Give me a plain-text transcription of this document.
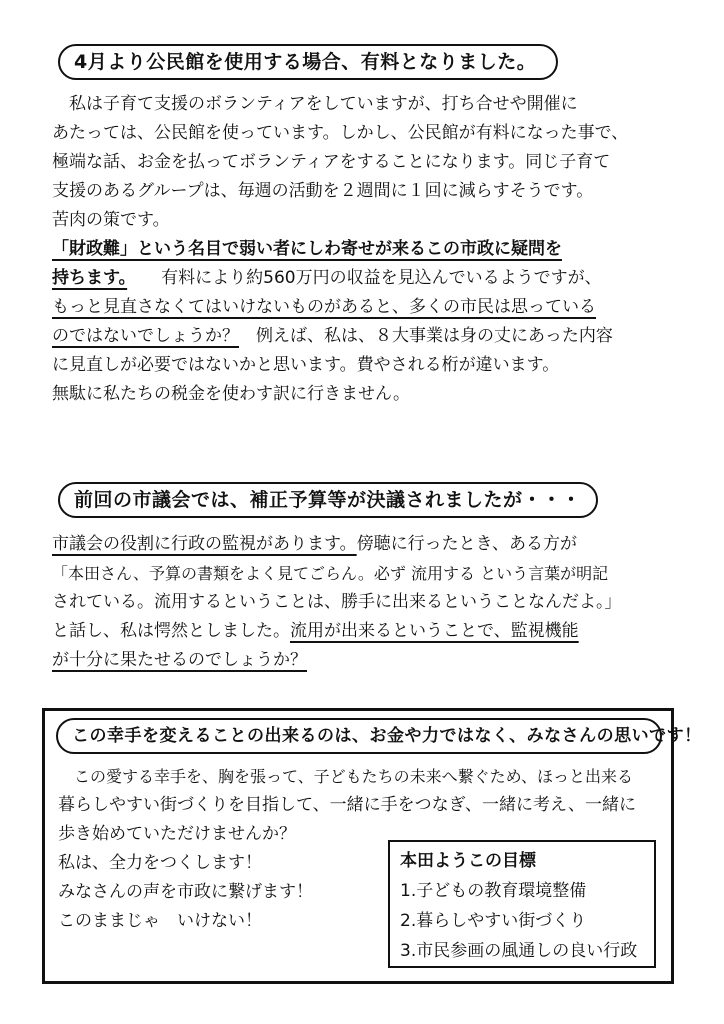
4月より公民館を使用する場合、有料となりました。
　私は子育て支援のボランティアをしていますが、打ち合せや開催に
あたっては、公民館を使っています。しかし、公民館が有料になった事で、
極端な話、お金を払ってボランティアをすることになります。同じ子育て
支援のあるグループは、毎週の活動を２週間に１回に減らすそうです。
苦肉の策です。
「財政難」という名目で弱い者にしわ寄せが来るこの市政に疑問を
持ちます。　　有料により約560万円の収益を見込んでいるようですが、
もっと見直さなくてはいけないものがあると、多くの市民は思っている
のではないでしょうか？　 例えば、私は、８大事業は身の丈にあった内容
に見直しが必要ではないかと思います。費やされる桁が違います。
無駄に私たちの税金を使わす訳に行きません。
前回の市議会では、補正予算等が決議されましたが・・・
市議会の役割に行政の監視があります。傍聴に行ったとき、ある方が
「本田さん、予算の書類をよく見てごらん。必ず 流用する という言葉が明記
されている。流用するということは、勝手に出来るということなんだよ。」
と話し、私は愕然としました。流用が出来るということで、監視機能
が十分に果たせるのでしょうか？
この幸手を変えることの出来るのは、お金や力ではなく、みなさんの思いです！
　この愛する幸手を、胸を張って、子どもたちの未来へ繋ぐため、ほっと出来る
暮らしやすい街づくりを目指して、一緒に手をつなぎ、一緒に考え、一緒に
歩き始めていただけませんか？
私は、全力をつくします！
みなさんの声を市政に繋げます！
このままじゃ　いけない！
本田ようこの目標
1.子どもの教育環境整備
2.暮らしやすい街づくり
3.市民参画の風通しの良い行政
